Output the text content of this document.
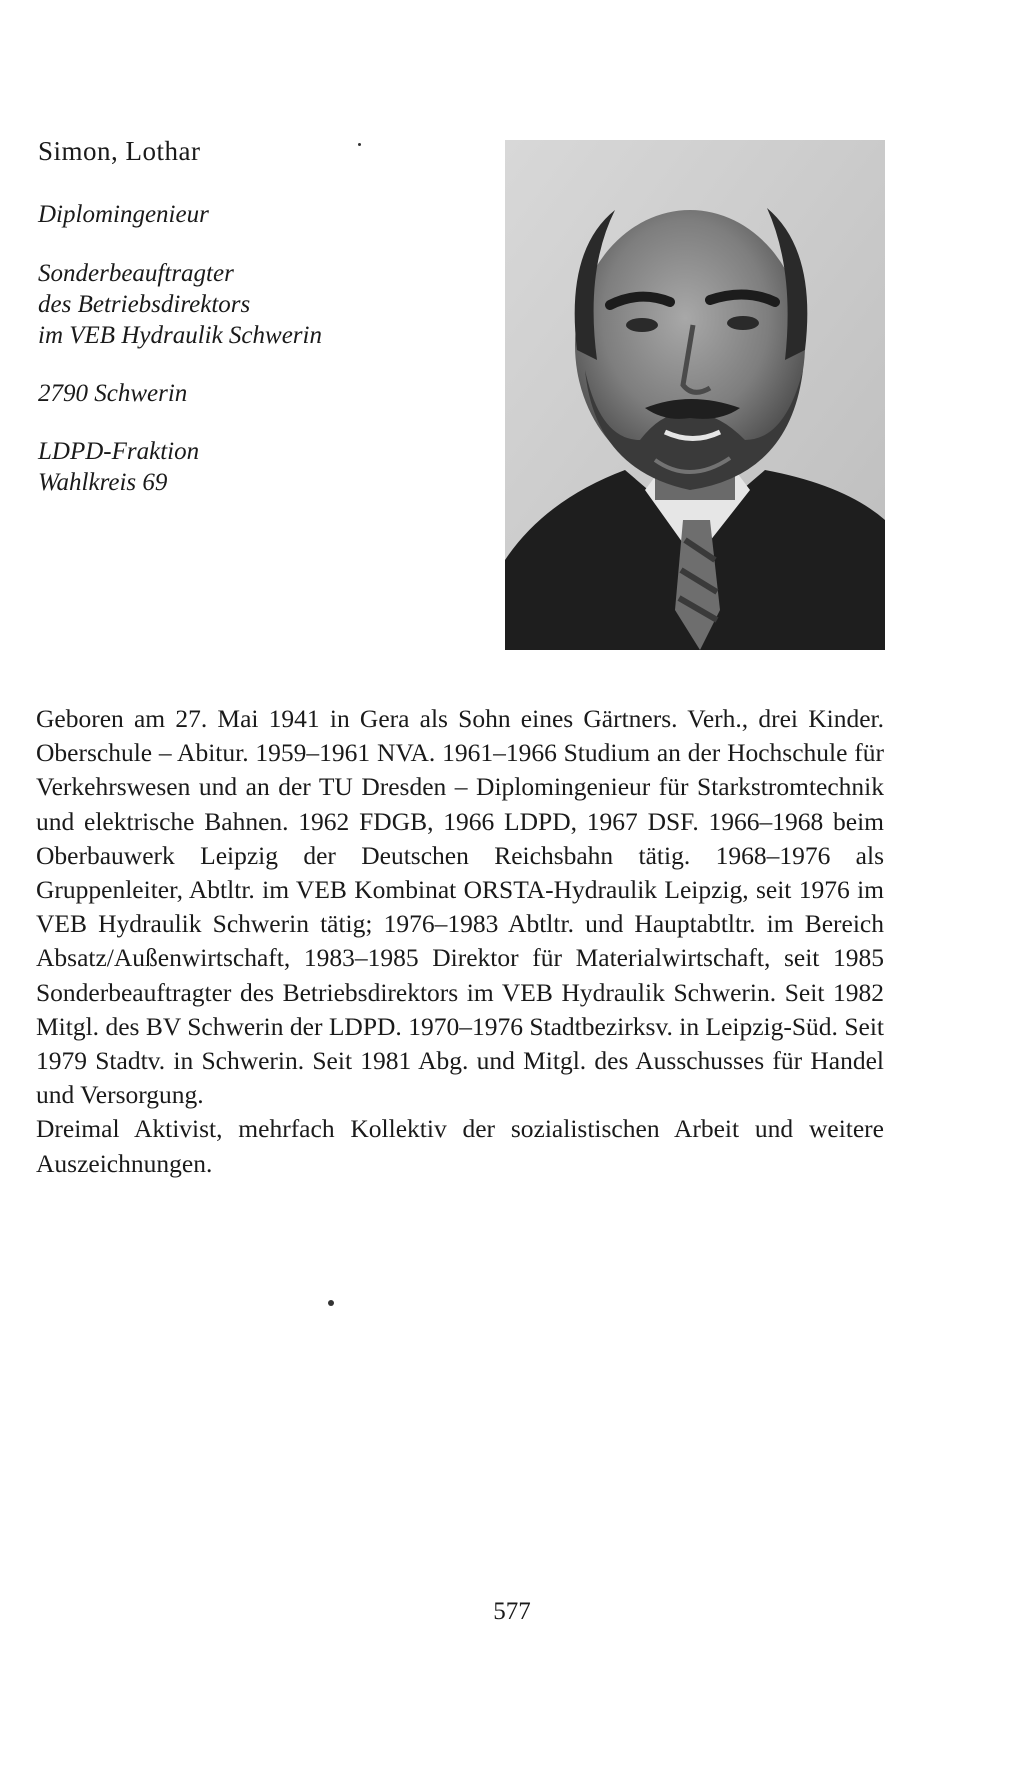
Simon, Lothar

Diplomingenieur

Sonderbeauftragter

des Betriebsdirektors

im VEB Hydraulik Schwerin

2790 Schwerin

LDPD-Fraktion

Wahlkreis 69

Geboren am 27. Mai 1941 in Gera als Sohn eines Gärtners. Verh., drei Kinder. Oberschule – Abitur. 1959–1961 NVA. 1961–1966 Studium an der Hochschule für Verkehrswesen und an der TU Dresden – Diplomingenieur für Starkstromtechnik und elektrische Bahnen. 1962 FDGB, 1966 LDPD, 1967 DSF. 1966–1968 beim Oberbauwerk Leipzig der Deutschen Reichsbahn tätig. 1968–1976 als Gruppenleiter, Abtltr. im VEB Kombinat ORSTA-Hydraulik Leipzig, seit 1976 im VEB Hydraulik Schwerin tätig; 1976–1983 Abtltr. und Hauptabtltr. im Bereich Absatz/Außenwirtschaft, 1983–1985 Direktor für Materialwirtschaft, seit 1985 Sonderbeauftragter des Betriebsdirektors im VEB Hydraulik Schwerin. Seit 1982 Mitgl. des BV Schwerin der LDPD. 1970–1976 Stadtbezirksv. in Leipzig-Süd. Seit 1979 Stadtv. in Schwerin. Seit 1981 Abg. und Mitgl. des Ausschusses für Handel und Versorgung.

Dreimal Aktivist, mehrfach Kollektiv der sozialistischen Arbeit und weitere Auszeichnungen.

577
